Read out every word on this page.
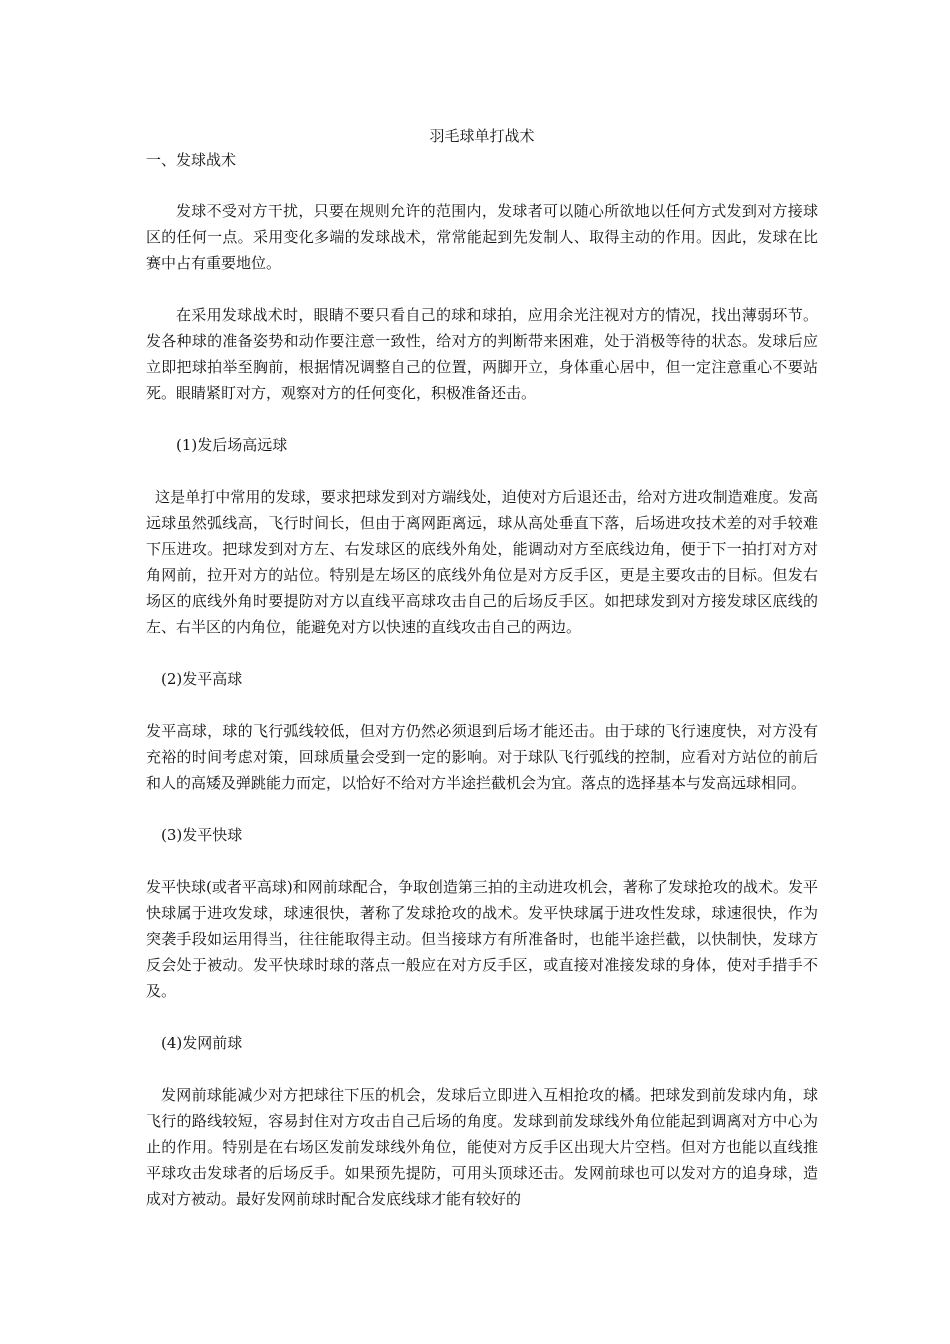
羽毛球单打战术
一、发球战术

发球不受对方干扰，只要在规则允许的范围内，发球者可以随心所欲地以任何方式发到对方接球区的任何一点。采用变化多端的发球战术，常常能起到先发制人、取得主动的作用。因此，发球在比赛中占有重要地位。

在采用发球战术时，眼睛不要只看自己的球和球拍，应用余光注视对方的情况，找出薄弱环节。发各种球的准备姿势和动作要注意一致性，给对方的判断带来困难，处于消极等待的状态。发球后应立即把球拍举至胸前，根据情况调整自己的位置，两脚开立，身体重心居中，但一定注意重心不要站死。眼睛紧盯对方，观察对方的任何变化，积极准备还击。

(1)发后场高远球

这是单打中常用的发球，要求把球发到对方端线处，迫使对方后退还击，给对方进攻制造难度。发高远球虽然弧线高，飞行时间长，但由于离网距离远，球从高处垂直下落，后场进攻技术差的对手较难下压进攻。把球发到对方左、右发球区的底线外角处，能调动对方至底线边角，便于下一拍打对方对角网前，拉开对方的站位。特别是左场区的底线外角位是对方反手区，更是主要攻击的目标。但发右场区的底线外角时要提防对方以直线平高球攻击自己的后场反手区。如把球发到对方接发球区底线的左、右半区的内角位，能避免对方以快速的直线攻击自己的两边。

(2)发平高球

发平高球，球的飞行弧线较低，但对方仍然必须退到后场才能还击。由于球的飞行速度快，对方没有充裕的时间考虑对策，回球质量会受到一定的影响。对于球队飞行弧线的控制，应看对方站位的前后和人的高矮及弹跳能力而定，以恰好不给对方半途拦截机会为宜。落点的选择基本与发高远球相同。

(3)发平快球

发平快球(或者平高球)和网前球配合，争取创造第三拍的主动进攻机会，著称了发球抢攻的战术。发平快球属于进攻发球，球速很快，著称了发球抢攻的战术。发平快球属于进攻性发球，球速很快，作为突袭手段如运用得当，往往能取得主动。但当接球方有所准备时，也能半途拦截，以快制快，发球方反会处于被动。发平快球时球的落点一般应在对方反手区，或直接对准接发球的身体，使对手措手不及。

(4)发网前球

发网前球能减少对方把球往下压的机会，发球后立即进入互相抢攻的橘。把球发到前发球内角，球飞行的路线较短，容易封住对方攻击自己后场的角度。发球到前发球线外角位能起到调离对方中心为止的作用。特别是在右场区发前发球线外角位，能使对方反手区出现大片空档。但对方也能以直线推平球攻击发球者的后场反手。如果预先提防，可用头顶球还击。发网前球也可以发对方的追身球，造成对方被动。最好发网前球时配合发底线球才能有较好的
